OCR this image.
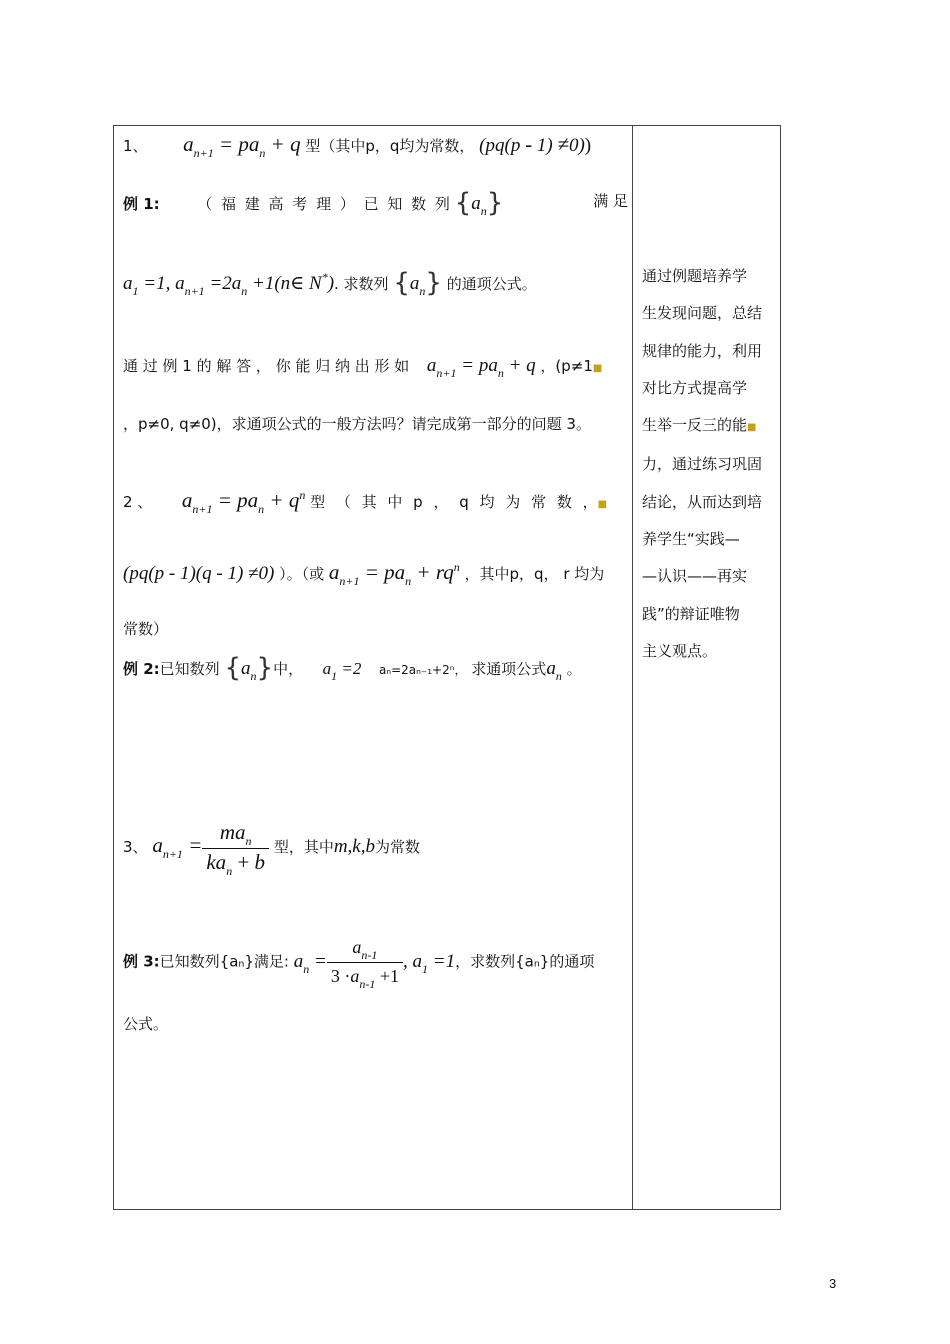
1、 $a_{n+1} = pa_n + q$ 型（其中p，q均为常数， (pq(p - 1) ≠0))
例 1:	（ 福 建 高 考 理 ） 已 知 数 列 $\{a_n\}$	满 足
$a_1 =1$, $a_{n+1} =2a_n$ +1(n∈ N*). 求数列 $\{a_n\}$ 的通项公式。
通 过 例 1 的 解 答 ， 你 能 归 纳 出 形 如 $a_{n+1} = pa_n + q$ ，(p≠1■
，p≠0, q≠0)，求通项公式的一般方法吗？请完成第一部分的问题 3。
2 、 $a_{n+1} = pa_n + q^n$ 型 （ 其 中 p ， q 均 为 常 数 ，■
(pq(p - 1)(q - 1) ≠0) ）。（或 $a_{n+1} = pa_n + rq^n$ ，其中p，q， r 均为
常数）
例 2:已知数列 $\{a_n\}$中， $a_1 =2$ aₙ=2aₙ₋₁+2ⁿ， 求通项公式$a_n$ 。
3、 $a_{n+1} = \frac{ma_n}{ka_n + b}$ 型，其中m,k,b为常数
例 3:已知数列{aₙ}满足: $a_n = \frac{a_{n-1}}{3 \cdot a_{n-1} +1}$ , $a_1 =1$，求数列{aₙ}的通项
公式。
通过例题培养学
生发现问题，总结
规律的能力，利用
对比方式提高学
生举一反三的能■
力，通过练习巩固
结论，从而达到培
养学生“实践—
—认识——再实
践”的辩证唯物
主义观点。
3
